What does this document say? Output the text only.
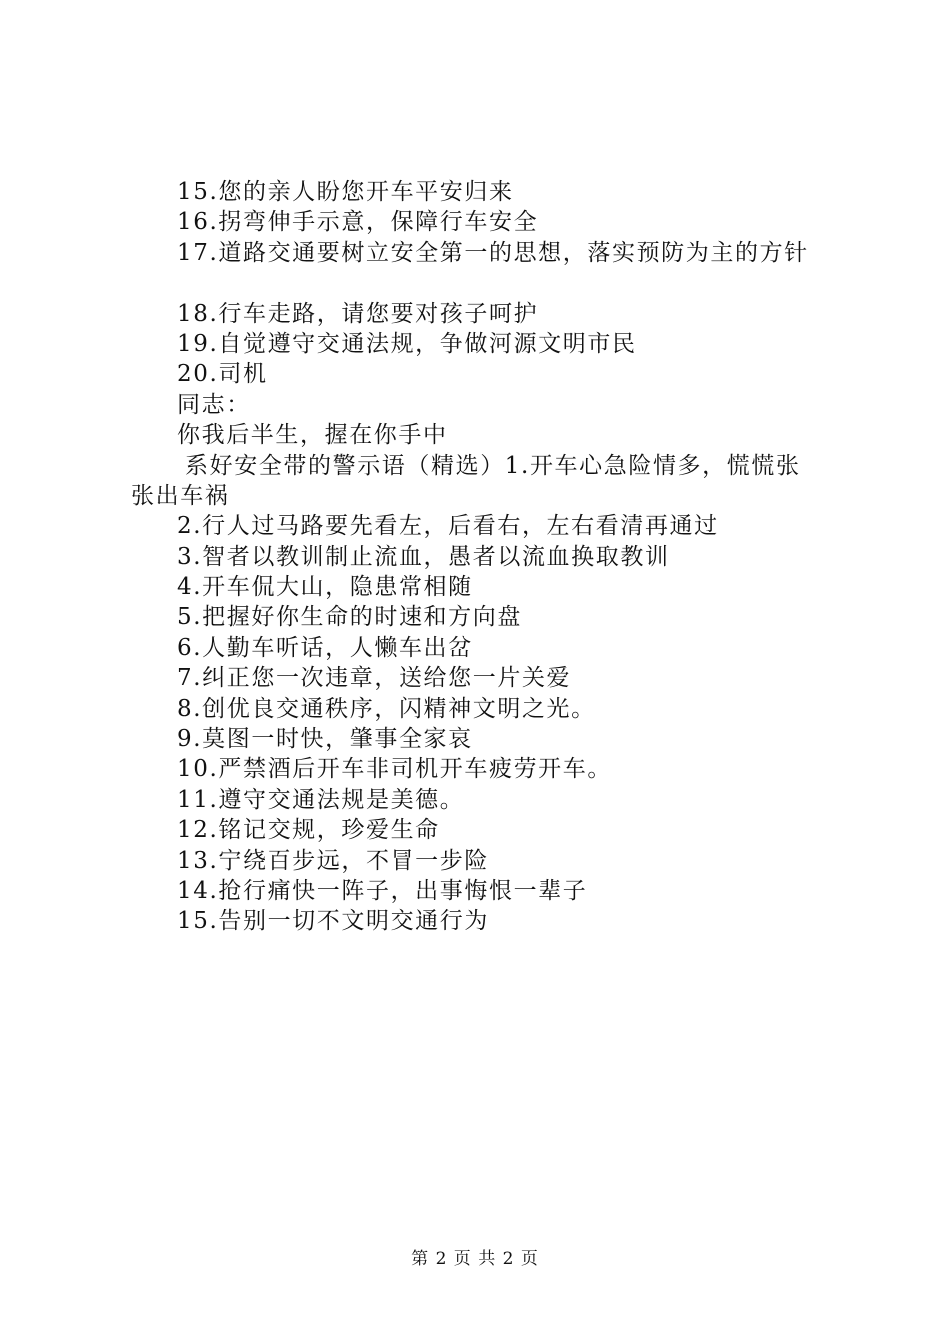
15.您的亲人盼您开车平安归来
16.拐弯伸手示意，保障行车安全
17.道路交通要树立安全第一的思想，落实预防为主的方针
18.行车走路，请您要对孩子呵护
19.自觉遵守交通法规，争做河源文明市民
20.司机
同志：
你我后半生，握在你手中
系好安全带的警示语（精选）1.开车心急险情多，慌慌张
张出车祸
2.行人过马路要先看左，后看右，左右看清再通过
3.智者以教训制止流血，愚者以流血换取教训
4.开车侃大山，隐患常相随
5.把握好你生命的时速和方向盘
6.人勤车听话，人懒车出岔
7.纠正您一次违章，送给您一片关爱
8.创优良交通秩序，闪精神文明之光。
9.莫图一时快，肇事全家哀
10.严禁酒后开车非司机开车疲劳开车。
11.遵守交通法规是美德。
12.铭记交规，珍爱生命
13.宁绕百步远，不冒一步险
14.抢行痛快一阵子，出事悔恨一辈子
15.告别一切不文明交通行为
第 2 页 共 2 页
